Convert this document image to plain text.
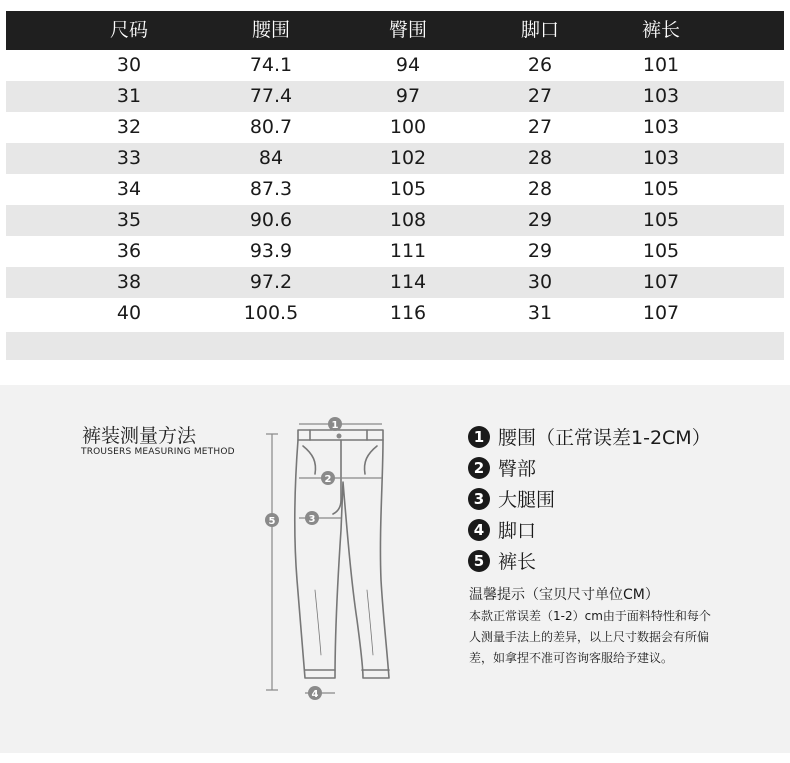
尺码	腰围	臀围	脚口	裤长
30	74.1	94	26	101
31	77.4	97	27	103
32	80.7	100	27	103
33	84	102	28	103
34	87.3	105	28	105
35	90.6	108	29	105
36	93.9	111	29	105
38	97.2	114	30	107
40	100.5	116	31	107
裤装测量方法
TROUSERS MEASURING METHOD
1
2
3
4
5
1 腰围（正常误差1-2CM）
2 臀部
3 大腿围
4 脚口
5 裤长
温馨提示（宝贝尺寸单位CM）
本款正常误差（1-2）cm由于面料特性和每个人测量手法上的差异，以上尺寸数据会有所偏差，如拿捏不准可咨询客服给予建议。
